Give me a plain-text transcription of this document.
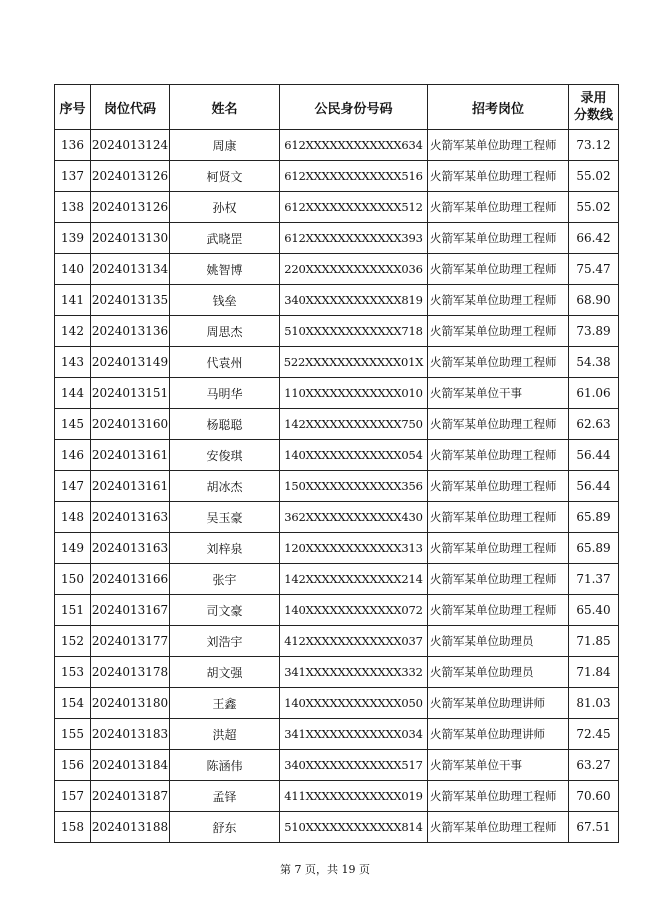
序号	岗位代码	姓名	公民身份号码	招考岗位	录用
分数线

136	2024013124	周康	612XXXXXXXXXXXX634	火箭军某单位助理工程师	73.12
137	2024013126	柯贤文	612XXXXXXXXXXXX516	火箭军某单位助理工程师	55.02
138	2024013126	孙权	612XXXXXXXXXXXX512	火箭军某单位助理工程师	55.02
139	2024013130	武晓罡	612XXXXXXXXXXXX393	火箭军某单位助理工程师	66.42
140	2024013134	姚智博	220XXXXXXXXXXXX036	火箭军某单位助理工程师	75.47
141	2024013135	钱垒	340XXXXXXXXXXXX819	火箭军某单位助理工程师	68.90
142	2024013136	周思杰	510XXXXXXXXXXXX718	火箭军某单位助理工程师	73.89
143	2024013149	代袁州	522XXXXXXXXXXXX01X	火箭军某单位助理工程师	54.38
144	2024013151	马明华	110XXXXXXXXXXXX010	火箭军某单位干事	61.06
145	2024013160	杨聪聪	142XXXXXXXXXXXX750	火箭军某单位助理工程师	62.63
146	2024013161	安俊琪	140XXXXXXXXXXXX054	火箭军某单位助理工程师	56.44
147	2024013161	胡冰杰	150XXXXXXXXXXXX356	火箭军某单位助理工程师	56.44
148	2024013163	吴玉豪	362XXXXXXXXXXXX430	火箭军某单位助理工程师	65.89
149	2024013163	刘梓泉	120XXXXXXXXXXXX313	火箭军某单位助理工程师	65.89
150	2024013166	张宇	142XXXXXXXXXXXX214	火箭军某单位助理工程师	71.37
151	2024013167	司文豪	140XXXXXXXXXXXX072	火箭军某单位助理工程师	65.40
152	2024013177	刘浩宇	412XXXXXXXXXXXX037	火箭军某单位助理员	71.85
153	2024013178	胡文强	341XXXXXXXXXXXX332	火箭军某单位助理员	71.84
154	2024013180	王鑫	140XXXXXXXXXXXX050	火箭军某单位助理讲师	81.03
155	2024013183	洪超	341XXXXXXXXXXXX034	火箭军某单位助理讲师	72.45
156	2024013184	陈涵伟	340XXXXXXXXXXXX517	火箭军某单位干事	63.27
157	2024013187	孟铎	411XXXXXXXXXXXX019	火箭军某单位助理工程师	70.60
158	2024013188	舒东	510XXXXXXXXXXXX814	火箭军某单位助理工程师	67.51
第 7 页，共 19 页
